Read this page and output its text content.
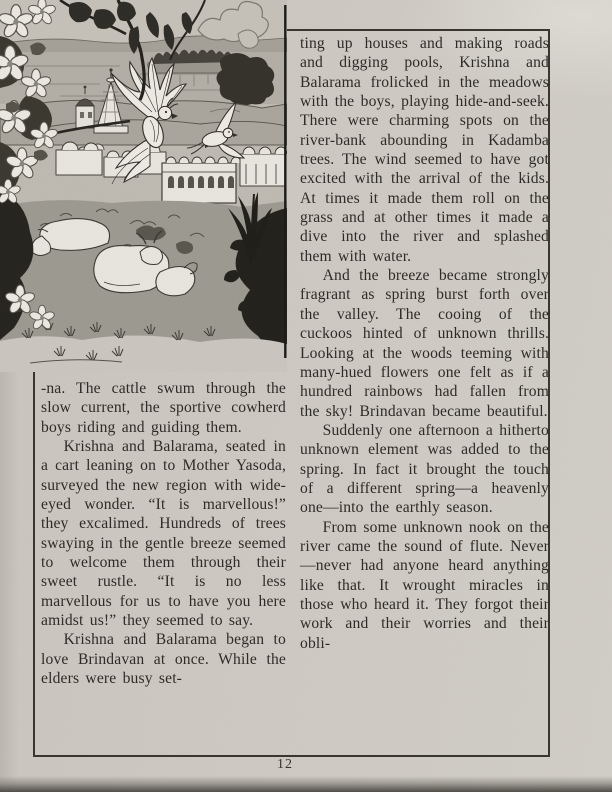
-na. The cattle swum through the slow current, the sportive cowherd boys riding and guiding them.

Krishna and Balarama, seated in a cart leaning on to Mother Yasoda, surveyed the new region with wide-eyed wonder. “It is marvellous!” they excalimed. Hundreds of trees swaying in the gentle breeze seemed to welcome them through their sweet rustle. “It is no less marvellous for us to have you here amidst us!” they seemed to say.

Krishna and Balarama began to love Brindavan at once. While the elders were busy set-

ting up houses and making roads and digging pools, Krishna and Balarama frolicked in the meadows with the boys, playing hide-and-seek. There were charming spots on the river-bank abounding in Kadamba trees. The wind seemed to have got excited with the arrival of the kids. At times it made them roll on the grass and at other times it made a dive into the river and splashed them with water.

And the breeze became strongly fragrant as spring burst forth over the valley. The cooing of the cuckoos hinted of unknown thrills. Looking at the woods teeming with many-hued flowers one felt as if a hundred rainbows had fallen from the sky! Brindavan became beautiful.

Suddenly one afternoon a hitherto unknown element was added to the spring. In fact it brought the touch of a different spring—a heavenly one—into the earthly season.

From some unknown nook on the river came the sound of flute. Never—never had anyone heard anything like that. It wrought miracles in those who heard it. They forgot their work and their worries and their obli-

12
